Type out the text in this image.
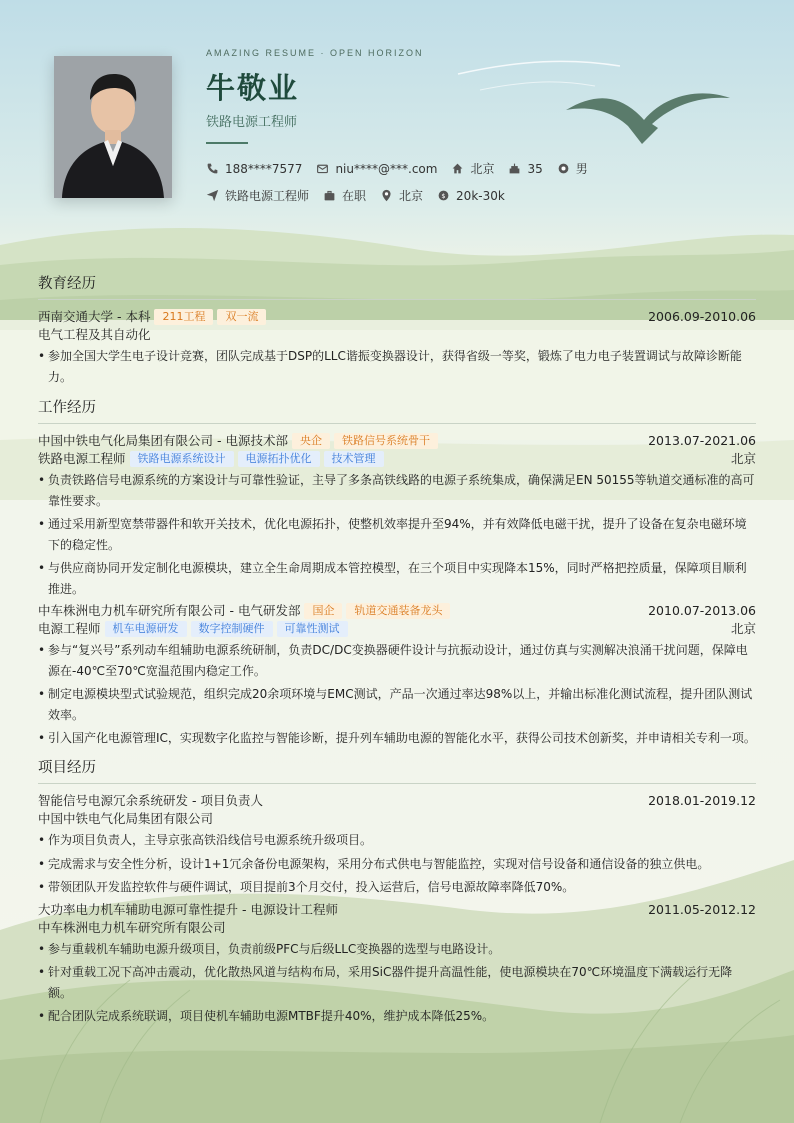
AMAZING RESUME · OPEN HORIZON
牛敬业
铁路电源工程师
188****7577	niu****@***.com	北京	35	男
铁路电源工程师	在职	北京 $ 20k-30k
教育经历
西南交通大学 - 本科	211工程	双一流	2006.09-2010.06
电气工程及其自动化
• 参加全国大学生电子设计竞赛，团队完成基于DSP的LLC谐振变换器设计，获得省级一等奖，锻炼了电力电子装置调试与故障诊断能力。
工作经历
中国中铁电气化局集团有限公司 - 电源技术部	央企	铁路信号系统骨干	2013.07-2021.06
铁路电源工程师	铁路电源系统设计	电源拓扑优化	技术管理	北京
• 负责铁路信号电源系统的方案设计与可靠性验证，主导了多条高铁线路的电源子系统集成，确保满足EN 50155等轨道交通标准的高可靠性要求。
• 通过采用新型宽禁带器件和软开关技术，优化电源拓扑，使整机效率提升至94%，并有效降低电磁干扰，提升了设备在复杂电磁环境下的稳定性。
• 与供应商协同开发定制化电源模块，建立全生命周期成本管控模型，在三个项目中实现降本15%，同时严格把控质量，保障项目顺利推进。
中车株洲电力机车研究所有限公司 - 电气研发部	国企	轨道交通装备龙头	2010.07-2013.06
电源工程师	机车电源研发	数字控制硬件	可靠性测试	北京
• 参与“复兴号”系列动车组辅助电源系统研制，负责DC/DC变换器硬件设计与抗振动设计，通过仿真与实测解决浪涌干扰问题，保障电源在-40℃至70℃宽温范围内稳定工作。
• 制定电源模块型式试验规范，组织完成20余项环境与EMC测试，产品一次通过率达98%以上，并输出标准化测试流程，提升团队测试效率。
• 引入国产化电源管理IC，实现数字化监控与智能诊断，提升列车辅助电源的智能化水平，获得公司技术创新奖，并申请相关专利一项。
项目经历
智能信号电源冗余系统研发 - 项目负责人	2018.01-2019.12
中国中铁电气化局集团有限公司
• 作为项目负责人，主导京张高铁沿线信号电源系统升级项目。
• 完成需求与安全性分析，设计1+1冗余备份电源架构，采用分布式供电与智能监控，实现对信号设备和通信设备的独立供电。
• 带领团队开发监控软件与硬件调试，项目提前3个月交付，投入运营后，信号电源故障率降低70%。
大功率电力机车辅助电源可靠性提升 - 电源设计工程师	2011.05-2012.12
中车株洲电力机车研究所有限公司
• 参与重载机车辅助电源升级项目，负责前级PFC与后级LLC变换器的选型与电路设计。
• 针对重载工况下高冲击震动，优化散热风道与结构布局，采用SiC器件提升高温性能，使电源模块在70℃环境温度下满载运行无降额。
• 配合团队完成系统联调，项目使机车辅助电源MTBF提升40%，维护成本降低25%。
